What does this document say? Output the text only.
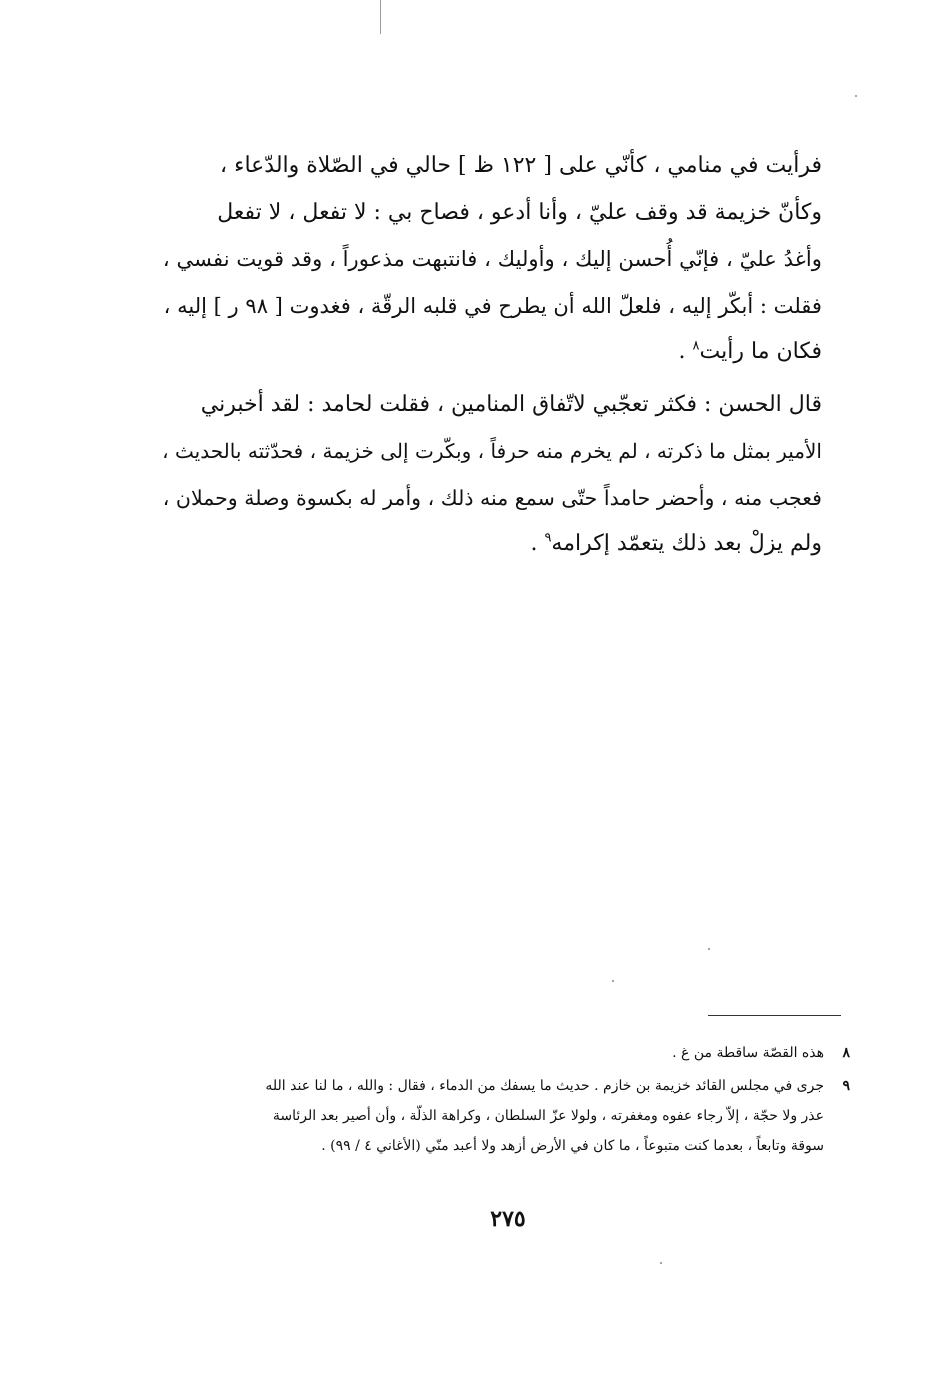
فرأيت في منامي ، كأنّي على [ ١٢٢ ظ ] حالي في الصّلاة والدّعاء ،
وكأنّ خزيمة قد وقف عليّ ، وأنا أدعو ، فصاح بي : لا تفعل ، لا تفعل
وأغدُ عليّ ، فإنّي أُحسن إليك ، وأوليك ، فانتبهت مذعوراً ، وقد قويت نفسي ،
فقلت : أبكّر إليه ، فلعلّ الله أن يطرح في قلبه الرقّة ، فغدوت [ ٩٨ ر ] إليه ،
فكان ما رأيت$^٨$ .

قال الحسن : فكثر تعجّبي لاتّفاق المنامين ، فقلت لحامد : لقد أخبرني
الأمير بمثل ما ذكرته ، لم يخرم منه حرفاً ، وبكّرت إلى خزيمة ، فحدّثته بالحديث ،
فعجب منه ، وأحضر حامداً حتّى سمع منه ذلك ، وأمر له بكسوة وصلة وحملان ،
ولم يزلْ بعد ذلك يتعمّد إكرامه$^٩$ .

٨
هذه القصّة ساقطة من غ .
٩
جرى في مجلس القائد خزيمة بن خازم . حديث ما يسفك من الدماء ، فقال : والله ، ما لنا عند الله
عذر ولا حجّة ، إلاّ رجاء عفوه ومغفرته ، ولولا عزّ السلطان ، وكراهة الذلّة ، وأن أصير بعد الرئاسة
سوقة وتابعاً ، بعدما كنت متبوعاً ، ما كان في الأرض أزهد ولا أعبد منّي (الأغاني ٤ / ٩٩) .
٢٧٥
